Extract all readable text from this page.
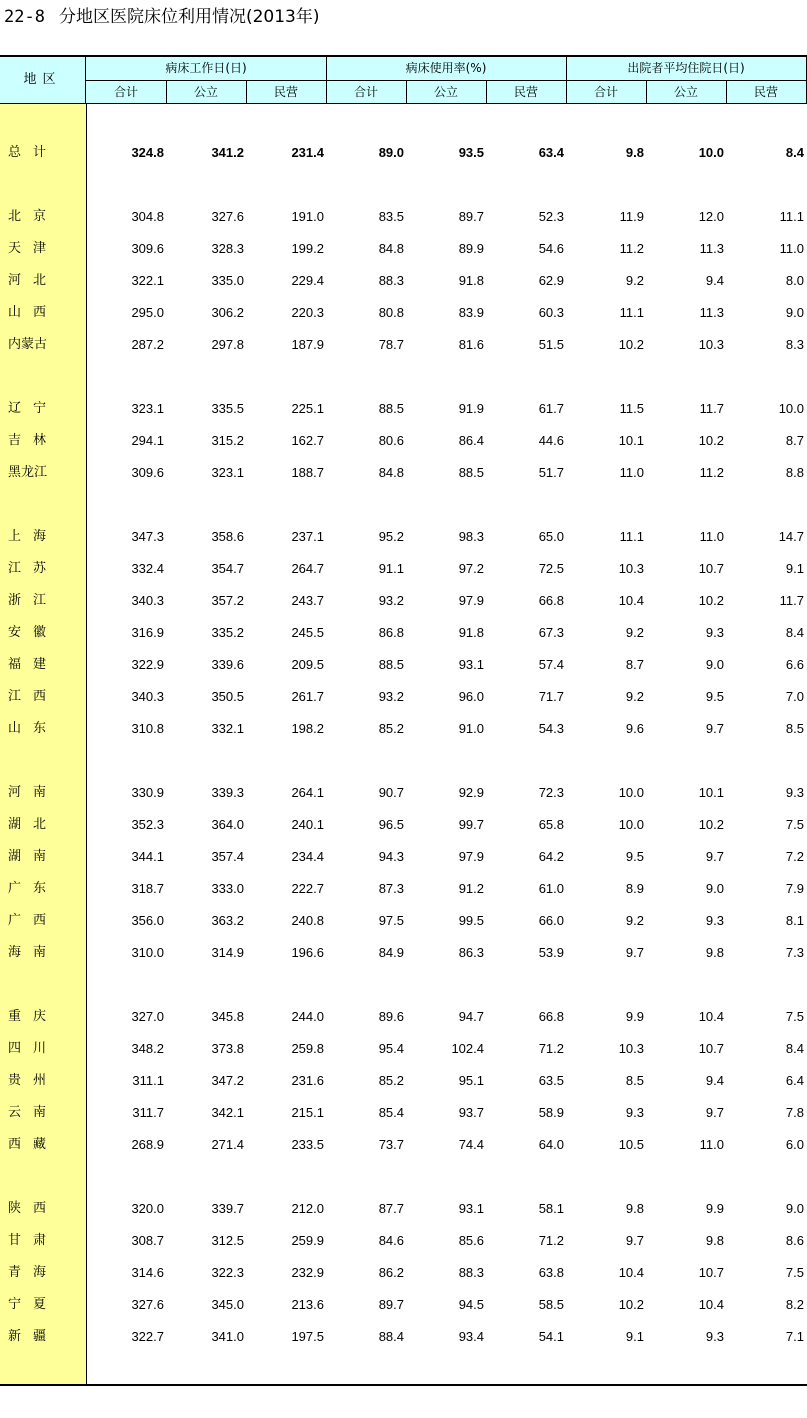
22-8 分地区医院床位利用情况(2013年)
地区
病床工作日(日)
合计	公立	民营
病床使用率(%)
合计	公立	民营
出院者平均住院日(日)
合计	公立	民营
总计	324.8	341.2	231.4	89.0	93.5	63.4	9.8	10.0	8.4
北京	304.8	327.6	191.0	83.5	89.7	52.3	11.9	12.0	11.1
天津	309.6	328.3	199.2	84.8	89.9	54.6	11.2	11.3	11.0
河北	322.1	335.0	229.4	88.3	91.8	62.9	9.2	9.4	8.0
山西	295.0	306.2	220.3	80.8	83.9	60.3	11.1	11.3	9.0
内蒙古	287.2	297.8	187.9	78.7	81.6	51.5	10.2	10.3	8.3
辽宁	323.1	335.5	225.1	88.5	91.9	61.7	11.5	11.7	10.0
吉林	294.1	315.2	162.7	80.6	86.4	44.6	10.1	10.2	8.7
黑龙江	309.6	323.1	188.7	84.8	88.5	51.7	11.0	11.2	8.8
上海	347.3	358.6	237.1	95.2	98.3	65.0	11.1	11.0	14.7
江苏	332.4	354.7	264.7	91.1	97.2	72.5	10.3	10.7	9.1
浙江	340.3	357.2	243.7	93.2	97.9	66.8	10.4	10.2	11.7
安徽	316.9	335.2	245.5	86.8	91.8	67.3	9.2	9.3	8.4
福建	322.9	339.6	209.5	88.5	93.1	57.4	8.7	9.0	6.6
江西	340.3	350.5	261.7	93.2	96.0	71.7	9.2	9.5	7.0
山东	310.8	332.1	198.2	85.2	91.0	54.3	9.6	9.7	8.5
河南	330.9	339.3	264.1	90.7	92.9	72.3	10.0	10.1	9.3
湖北	352.3	364.0	240.1	96.5	99.7	65.8	10.0	10.2	7.5
湖南	344.1	357.4	234.4	94.3	97.9	64.2	9.5	9.7	7.2
广东	318.7	333.0	222.7	87.3	91.2	61.0	8.9	9.0	7.9
广西	356.0	363.2	240.8	97.5	99.5	66.0	9.2	9.3	8.1
海南	310.0	314.9	196.6	84.9	86.3	53.9	9.7	9.8	7.3
重庆	327.0	345.8	244.0	89.6	94.7	66.8	9.9	10.4	7.5
四川	348.2	373.8	259.8	95.4	102.4	71.2	10.3	10.7	8.4
贵州	311.1	347.2	231.6	85.2	95.1	63.5	8.5	9.4	6.4
云南	311.7	342.1	215.1	85.4	93.7	58.9	9.3	9.7	7.8
西藏	268.9	271.4	233.5	73.7	74.4	64.0	10.5	11.0	6.0
陕西	320.0	339.7	212.0	87.7	93.1	58.1	9.8	9.9	9.0
甘肃	308.7	312.5	259.9	84.6	85.6	71.2	9.7	9.8	8.6
青海	314.6	322.3	232.9	86.2	88.3	63.8	10.4	10.7	7.5
宁夏	327.6	345.0	213.6	89.7	94.5	58.5	10.2	10.4	8.2
新疆	322.7	341.0	197.5	88.4	93.4	54.1	9.1	9.3	7.1
